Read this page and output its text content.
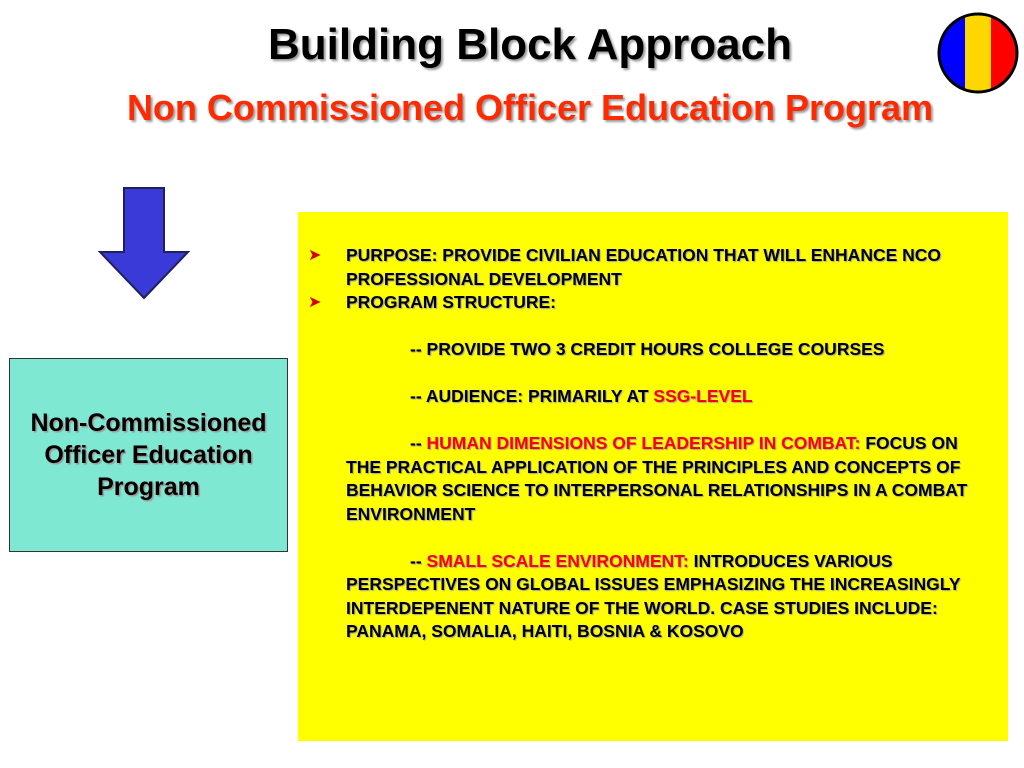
Building Block Approach
Non Commissioned Officer Education Program
Non-Commissioned Officer Education Program
➤	PURPOSE: PROVIDE CIVILIAN EDUCATION THAT WILL ENHANCE NCO PROFESSIONAL DEVELOPMENT
➤	PROGRAM STRUCTURE:
-- PROVIDE TWO 3 CREDIT HOURS COLLEGE COURSES
-- AUDIENCE: PRIMARILY AT SSG-LEVEL
-- HUMAN DIMENSIONS OF LEADERSHIP IN COMBAT: FOCUS ON THE PRACTICAL APPLICATION OF THE PRINCIPLES AND CONCEPTS OF BEHAVIOR SCIENCE TO INTERPERSONAL RELATIONSHIPS IN A COMBAT ENVIRONMENT
-- SMALL SCALE ENVIRONMENT: INTRODUCES VARIOUS PERSPECTIVES ON GLOBAL ISSUES EMPHASIZING THE INCREASINGLY INTERDEPENENT NATURE OF THE WORLD. CASE STUDIES INCLUDE: PANAMA, SOMALIA, HAITI, BOSNIA & KOSOVO
